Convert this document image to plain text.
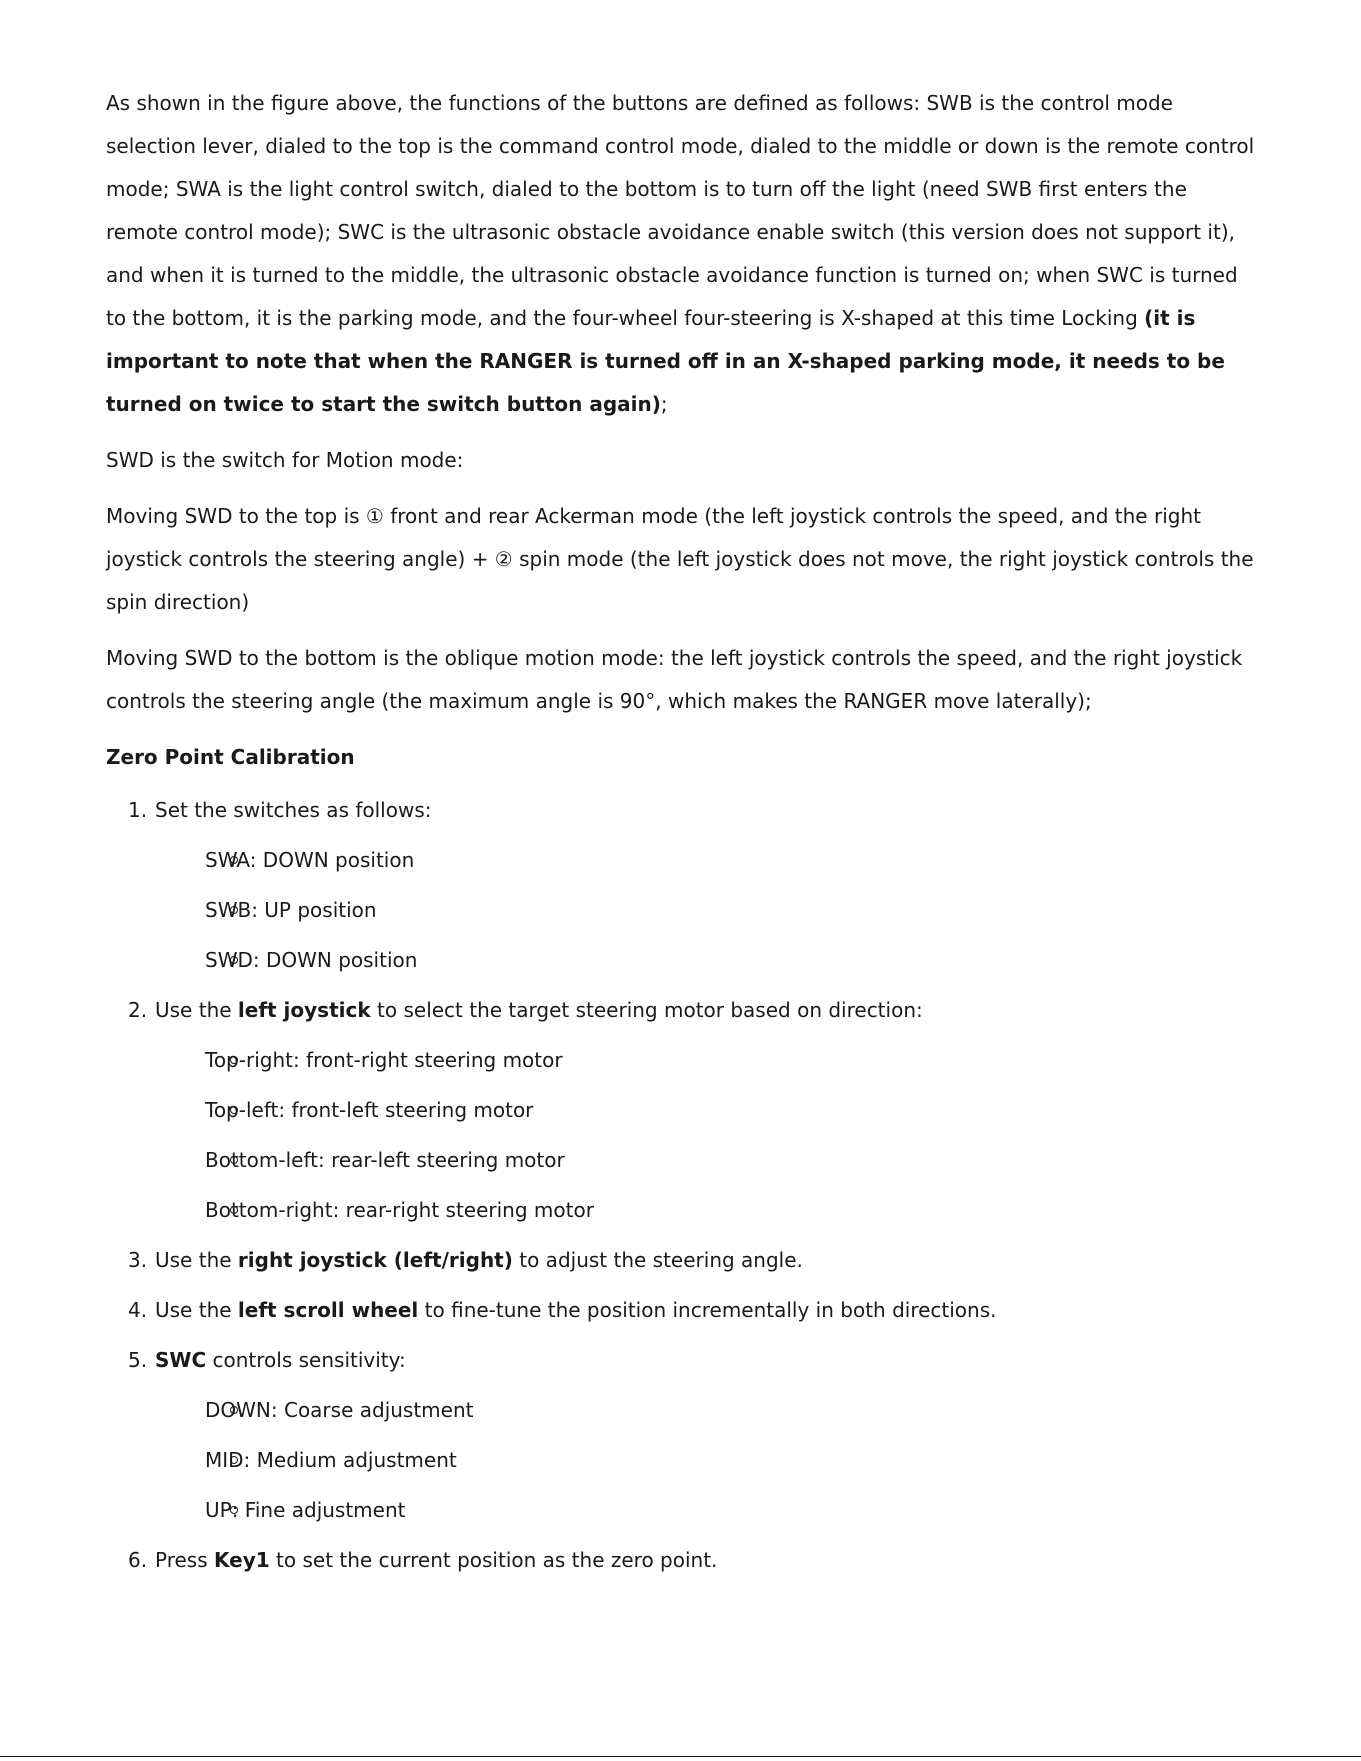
As shown in the figure above, the functions of the buttons are defined as follows: SWB is the control mode selection lever, dialed to the top is the command control mode, dialed to the middle or down is the remote control mode; SWA is the light control switch, dialed to the bottom is to turn off the light (need SWB first enters the remote control mode); SWC is the ultrasonic obstacle avoidance enable switch (this version does not support it), and when it is turned to the middle, the ultrasonic obstacle avoidance function is turned on; when SWC is turned to the bottom, it is the parking mode, and the four-wheel four-steering is X-shaped at this time Locking (it is important to note that when the RANGER is turned off in an X-shaped parking mode, it needs to be turned on twice to start the switch button again);

SWD is the switch for Motion mode:

Moving SWD to the top is ① front and rear Ackerman mode (the left joystick controls the speed, and the right joystick controls the steering angle) + ② spin mode (the left joystick does not move, the right joystick controls the spin direction)

Moving SWD to the bottom is the oblique motion mode: the left joystick controls the speed, and the right joystick controls the steering angle (the maximum angle is 90°, which makes the RANGER move laterally);

Zero Point Calibration
1. Set the switches as follows:
SWA: DOWN position
SWB: UP position
SWD: DOWN position
2. Use the left joystick to select the target steering motor based on direction:
Top-right: front-right steering motor
Top-left: front-left steering motor
Bottom-left: rear-left steering motor
Bottom-right: rear-right steering motor
3. Use the right joystick (left/right) to adjust the steering angle.
4. Use the left scroll wheel to fine-tune the position incrementally in both directions.
5. SWC controls sensitivity:
DOWN: Coarse adjustment
MID: Medium adjustment
UP: Fine adjustment
6. Press Key1 to set the current position as the zero point.
